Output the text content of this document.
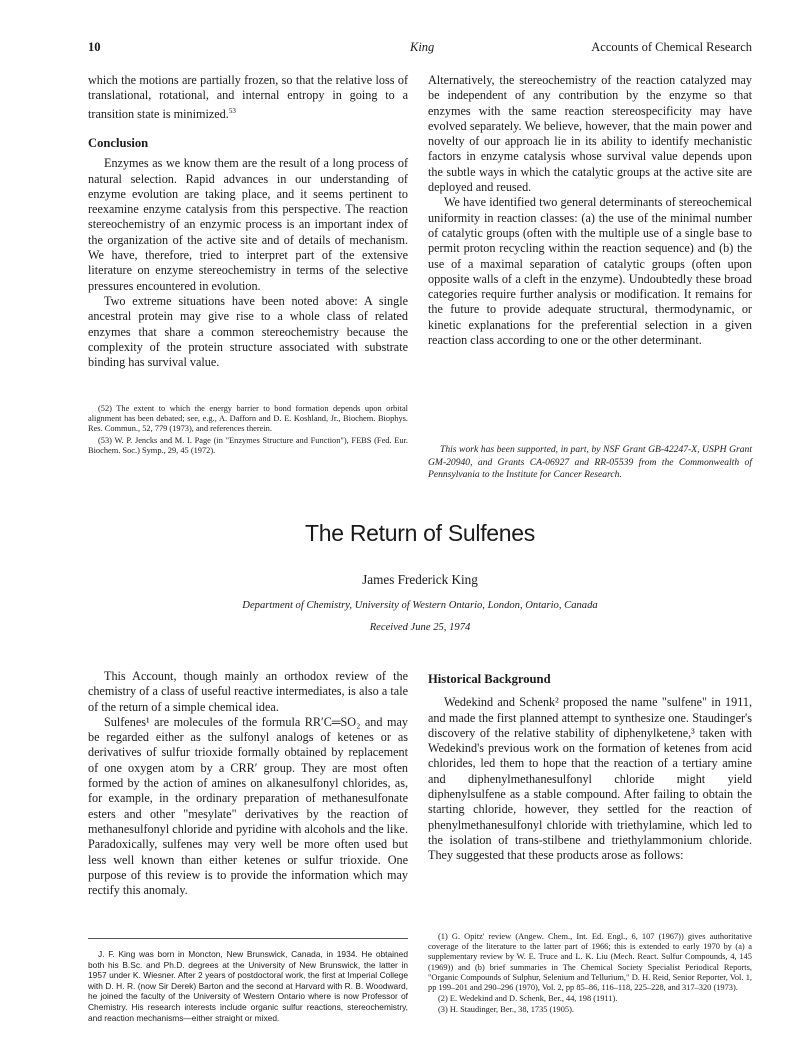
10	King	Accounts of Chemical Research

which the motions are partially frozen, so that the relative loss of translational, rotational, and internal entropy in going to a transition state is minimized.$^{53}$

Conclusion

Enzymes as we know them are the result of a long process of natural selection. Rapid advances in our understanding of enzyme evolution are taking place, and it seems pertinent to reexamine enzyme catalysis from this perspective. The reaction stereochemistry of an enzymic process is an important index of the organization of the active site and of details of mechanism. We have, therefore, tried to interpret part of the extensive literature on enzyme stereochemistry in terms of the selective pressures encountered in evolution.

Two extreme situations have been noted above: A single ancestral protein may give rise to a whole class of related enzymes that share a common stereochemistry because the complexity of the protein structure associated with substrate binding has survival value.

(52) The extent to which the energy barrier to bond formation depends upon orbital alignment has been debated; see, e.g., A. Dafforn and D. E. Koshland, Jr., Biochem. Biophys. Res. Commun., 52, 779 (1973), and references therein.

(53) W. P. Jencks and M. I. Page (in "Enzymes Structure and Function"), FEBS (Fed. Eur. Biochem. Soc.) Symp., 29, 45 (1972).

Alternatively, the stereochemistry of the reaction catalyzed may be independent of any contribution by the enzyme so that enzymes with the same reaction stereospecificity may have evolved separately. We believe, however, that the main power and novelty of our approach lie in its ability to identify mechanistic factors in enzyme catalysis whose survival value depends upon the subtle ways in which the catalytic groups at the active site are deployed and reused.

We have identified two general determinants of stereochemical uniformity in reaction classes: (a) the use of the minimal number of catalytic groups (often with the multiple use of a single base to permit proton recycling within the reaction sequence) and (b) the use of a maximal separation of catalytic groups (often upon opposite walls of a cleft in the enzyme). Undoubtedly these broad categories require further analysis or modification. It remains for the future to provide adequate structural, thermodynamic, or kinetic explanations for the preferential selection in a given reaction class according to one or the other determinant.

This work has been supported, in part, by NSF Grant GB-42247-X, USPH Grant GM-20940, and Grants CA-06927 and RR-05539 from the Commonwealth of Pennsylvania to the Institute for Cancer Research.
The Return of Sulfenes
James Frederick King
Department of Chemistry, University of Western Ontario, London, Ontario, Canada
Received June 25, 1974

This Account, though mainly an orthodox review of the chemistry of a class of useful reactive intermediates, is also a tale of the return of a simple chemical idea.

Sulfenes¹ are molecules of the formula RR′C═SO₂ and may be regarded either as the sulfonyl analogs of ketenes or as derivatives of sulfur trioxide formally obtained by replacement of one oxygen atom by a CRR′ group. They are most often formed by the action of amines on alkanesulfonyl chlorides, as, for example, in the ordinary preparation of methanesulfonate esters and other "mesylate" derivatives by the reaction of methanesulfonyl chloride and pyridine with alcohols and the like. Paradoxically, sulfenes may very well be more often used but less well known than either ketenes or sulfur trioxide. One purpose of this review is to provide the information which may rectify this anomaly.

J. F. King was born in Moncton, New Brunswick, Canada, in 1934. He obtained both his B.Sc. and Ph.D. degrees at the University of New Brunswick, the latter in 1957 under K. Wiesner. After 2 years of postdoctoral work, the first at Imperial College with D. H. R. (now Sir Derek) Barton and the second at Harvard with R. B. Woodward, he joined the faculty of the University of Western Ontario where is now Professor of Chemistry. His research interests include organic sulfur reactions, stereochemistry, and reaction mechanisms—either straight or mixed.

Historical Background

Wedekind and Schenk² proposed the name "sulfene" in 1911, and made the first planned attempt to synthesize one. Staudinger's discovery of the relative stability of diphenylketene,³ taken with Wedekind's previous work on the formation of ketenes from acid chlorides, led them to hope that the reaction of a tertiary amine and diphenylmethanesulfonyl chloride might yield diphenylsulfene as a stable compound. After failing to obtain the starting chloride, however, they settled for the reaction of phenylmethanesulfonyl chloride with triethylamine, which led to the isolation of trans-stilbene and triethylammonium chloride. They suggested that these products arose as follows:

(1) G. Opitz' review (Angew. Chem., Int. Ed. Engl., 6, 107 (1967)) gives authoritative coverage of the literature to the latter part of 1966; this is extended to early 1970 by (a) a supplementary review by W. E. Truce and L. K. Liu (Mech. React. Sulfur Compounds, 4, 145 (1969)) and (b) brief summaries in The Chemical Society Specialist Periodical Reports, "Organic Compounds of Sulphur, Selenium and Tellurium," D. H. Reid, Senior Reporter, Vol. 1, pp 199–201 and 290–296 (1970), Vol. 2, pp 85–86, 116–118, 225–228, and 317–320 (1973).

(2) E. Wedekind and D. Schenk, Ber., 44, 198 (1911).

(3) H. Staudinger, Ber., 38, 1735 (1905).
